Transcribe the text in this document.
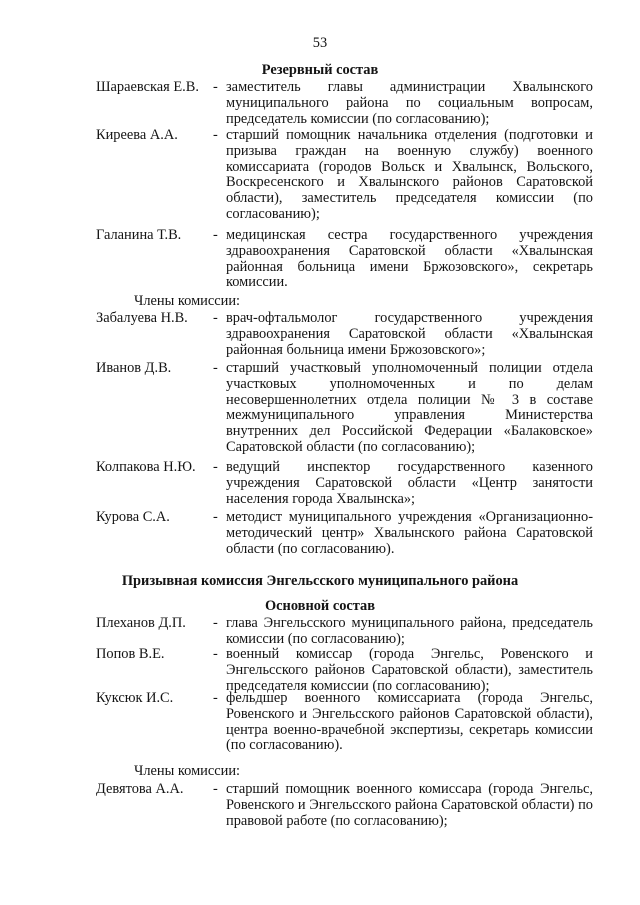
53
Резервный состав
Шараевская Е.В. - заместитель главы администрации Хвалынского муниципального района по социальным вопросам, председатель комиссии (по согласованию);
Киреева А.А. - старший помощник начальника отделения (подготовки и призыва граждан на военную службу) военного комиссариата (городов Вольск и Хвалынск, Вольского, Воскресенского и Хвалынского районов Саратовской области), заместитель председателя комиссии (по согласованию);
Галанина Т.В. - медицинская сестра государственного учреждения здравоохранения Саратовской области «Хвалынская районная больница имени Бржозовского», секретарь комиссии.
Члены комиссии:
Забалуева Н.В. - врач-офтальмолог государственного учреждения здравоохранения Саратовской области «Хвалынская районная больница имени Бржозовского»;
Иванов Д.В.	- старший участковый уполномоченный полиции отдела участковых уполномоченных и по делам несовершеннолетних отдела полиции № 3 в составе межмуниципального управления Министерства внутренних дел Российской Федерации «Балаковское» Саратовской области (по согласованию);
Колпакова Н.Ю. - ведущий инспектор государственного казенного учреждения Саратовской области «Центр занятости населения города Хвалынска»;
Курова С.А.	- методист муниципального учреждения «Организационно-методический центр» Хвалынского района Саратовской области (по согласованию).
Призывная комиссия Энгельсского муниципального района
Основной состав
Плеханов Д.П. - глава Энгельсского муниципального района, председатель комиссии (по согласованию);
Попов В.Е.	- военный комиссар (города Энгельс, Ровенского и Энгельсского районов Саратовской области), заместитель председателя комиссии (по согласованию);
Куксюк И.С.	- фельдшер военного комиссариата (города Энгельс, Ровенского и Энгельсского районов Саратовской области), центра военно-врачебной экспертизы, секретарь комиссии (по согласованию).
Члены комиссии:
Девятова А.А. - старший помощник военного комиссара (города Энгельс, Ровенского и Энгельсского района Саратовской области) по правовой работе (по согласованию);
